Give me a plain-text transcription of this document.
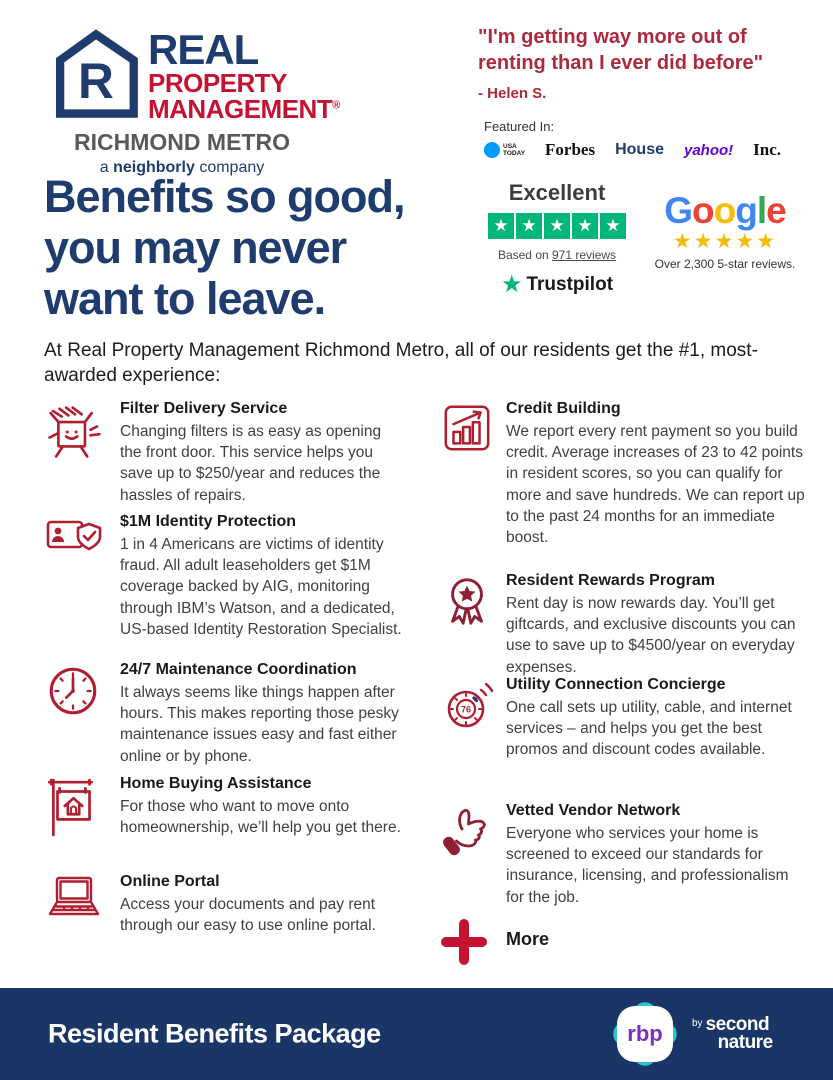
R
REAL
PROPERTY
MANAGEMENT®
RICHMOND METRO
a neighborly company
"I'm getting way more out of
renting than I ever did before"
- Helen S.
Featured In:
USA
TODAY Forbes House yahoo! Inc.
Excellent
★
★
★
★
★
Based on 971 reviews
★ Trustpilot
Google
★ ★ ★ ★ ★
Over 2,300 5-star reviews.
Benefits so good,
you may never
want to leave.
At Real Property Management Richmond Metro, all of our residents get the #1, most-awarded experience:
Filter Delivery Service
Changing filters is as easy as opening the front door. This service helps you save up to $250/year and reduces the hassles of repairs.
$1M Identity Protection
1 in 4 Americans are victims of identity fraud. All adult leaseholders get $1M coverage backed by AIG, monitoring through IBM’s Watson, and a dedicated, US-based Identity Restoration Specialist.
24/7 Maintenance Coordination
It always seems like things happen after hours. This makes reporting those pesky maintenance issues easy and fast either online or by phone.
Home Buying Assistance
For those who want to move onto homeownership, we’ll help you get there.
Online Portal
Access your documents and pay rent through our easy to use online portal.
Credit Building
We report every rent payment so you build credit. Average increases of 23 to 42 points in resident scores, so you can qualify for more and save hundreds. We can report up to the past 24 months for an immediate boost.
Resident Rewards Program
Rent day is now rewards day. You’ll get giftcards, and exclusive discounts you can use to save up to $4500/year on everyday expenses.
76
Utility Connection Concierge
One call sets up utility, cable, and internet services – and helps you get the best promos and discount codes available.
Vetted Vendor Network
Everyone who services your home is screened to exceed our standards for insurance, licensing, and professionalism for the job.
More
Resident Benefits Package	rbp	by second
nature
